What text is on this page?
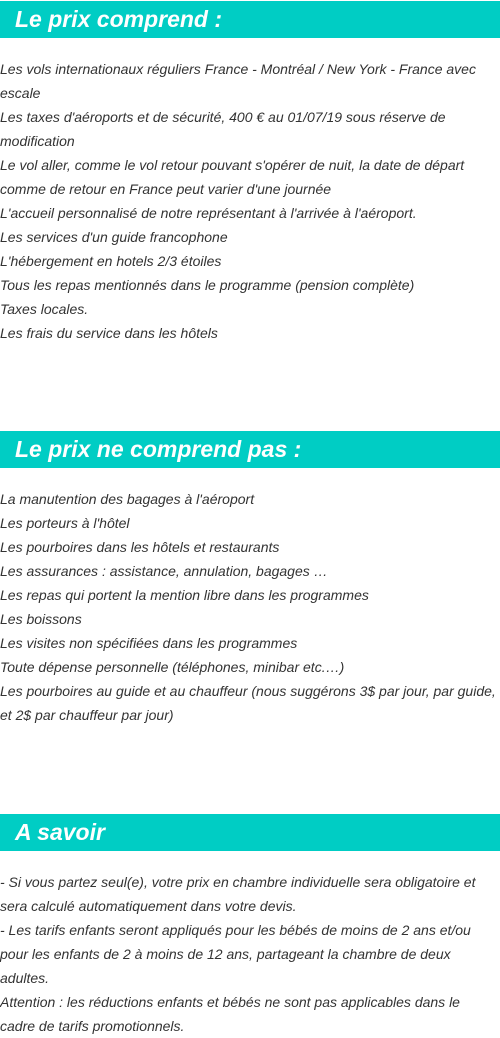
Le prix comprend :
Les vols internationaux réguliers France - Montréal / New York - France avec escale
Les taxes d'aéroports et de sécurité, 400 € au 01/07/19 sous réserve de modification
Le vol aller, comme le vol retour pouvant s'opérer de nuit, la date de départ comme de retour en France peut varier d'une journée
L'accueil personnalisé de notre représentant à l'arrivée à l'aéroport.
Les services d'un guide francophone
L'hébergement en hotels 2/3 étoiles
Tous les repas mentionnés dans le programme (pension complète)
Taxes locales.
Les frais du service dans les hôtels
Le prix ne comprend pas :
La manutention des bagages à l'aéroport
Les porteurs à l'hôtel
Les pourboires dans les hôtels et restaurants
Les assurances : assistance, annulation, bagages …
Les repas qui portent la mention libre dans les programmes
Les boissons
Les visites non spécifiées dans les programmes
Toute dépense personnelle (téléphones, minibar etc.…)
Les pourboires au guide et au chauffeur (nous suggérons 3$ par jour, par guide, et 2$ par chauffeur par jour)
A savoir
- Si vous partez seul(e), votre prix en chambre individuelle sera obligatoire et sera calculé automatiquement dans votre devis.
- Les tarifs enfants seront appliqués pour les bébés de moins de 2 ans et/ou pour les enfants de 2 à moins de 12 ans, partageant la chambre de deux adultes.
Attention : les réductions enfants et bébés ne sont pas applicables dans le cadre de tarifs promotionnels.
